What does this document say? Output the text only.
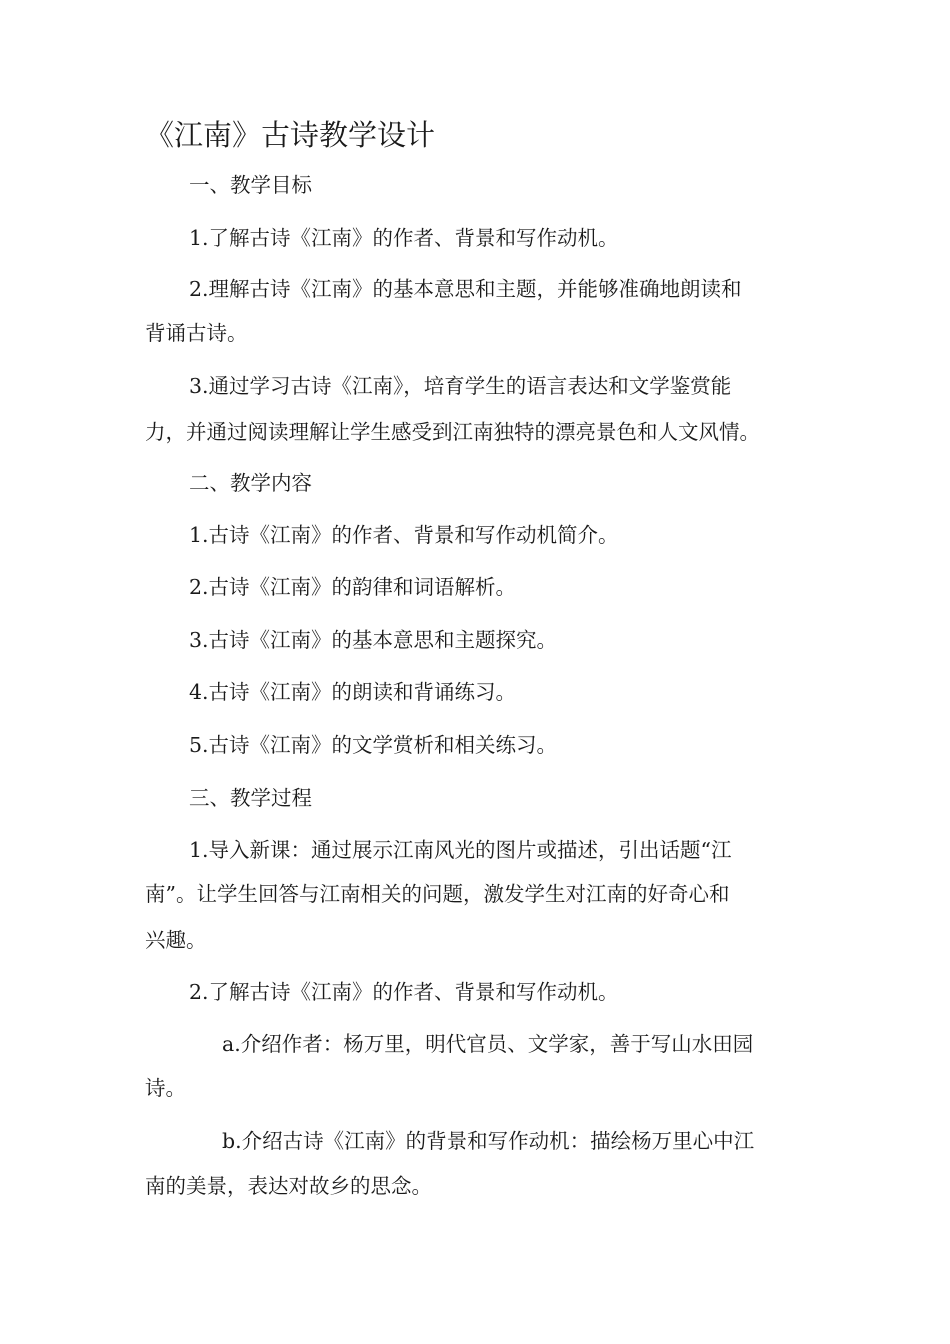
《江南》古诗教学设计

一、教学目标

1.了解古诗《江南》的作者、背景和写作动机。

2.理解古诗《江南》的基本意思和主题，并能够准确地朗读和

背诵古诗。

3.通过学习古诗《江南》，培育学生的语言表达和文学鉴赏能

力，并通过阅读理解让学生感受到江南独特的漂亮景色和人文风情。

二、教学内容

1.古诗《江南》的作者、背景和写作动机简介。

2.古诗《江南》的韵律和词语解析。

3.古诗《江南》的基本意思和主题探究。

4.古诗《江南》的朗读和背诵练习。

5.古诗《江南》的文学赏析和相关练习。

三、教学过程

1.导入新课：通过展示江南风光的图片或描述，引出话题“江

南”。让学生回答与江南相关的问题，激发学生对江南的好奇心和

兴趣。

2.了解古诗《江南》的作者、背景和写作动机。

a.介绍作者：杨万里，明代官员、文学家，善于写山水田园

诗。

b.介绍古诗《江南》的背景和写作动机：描绘杨万里心中江

南的美景，表达对故乡的思念。
